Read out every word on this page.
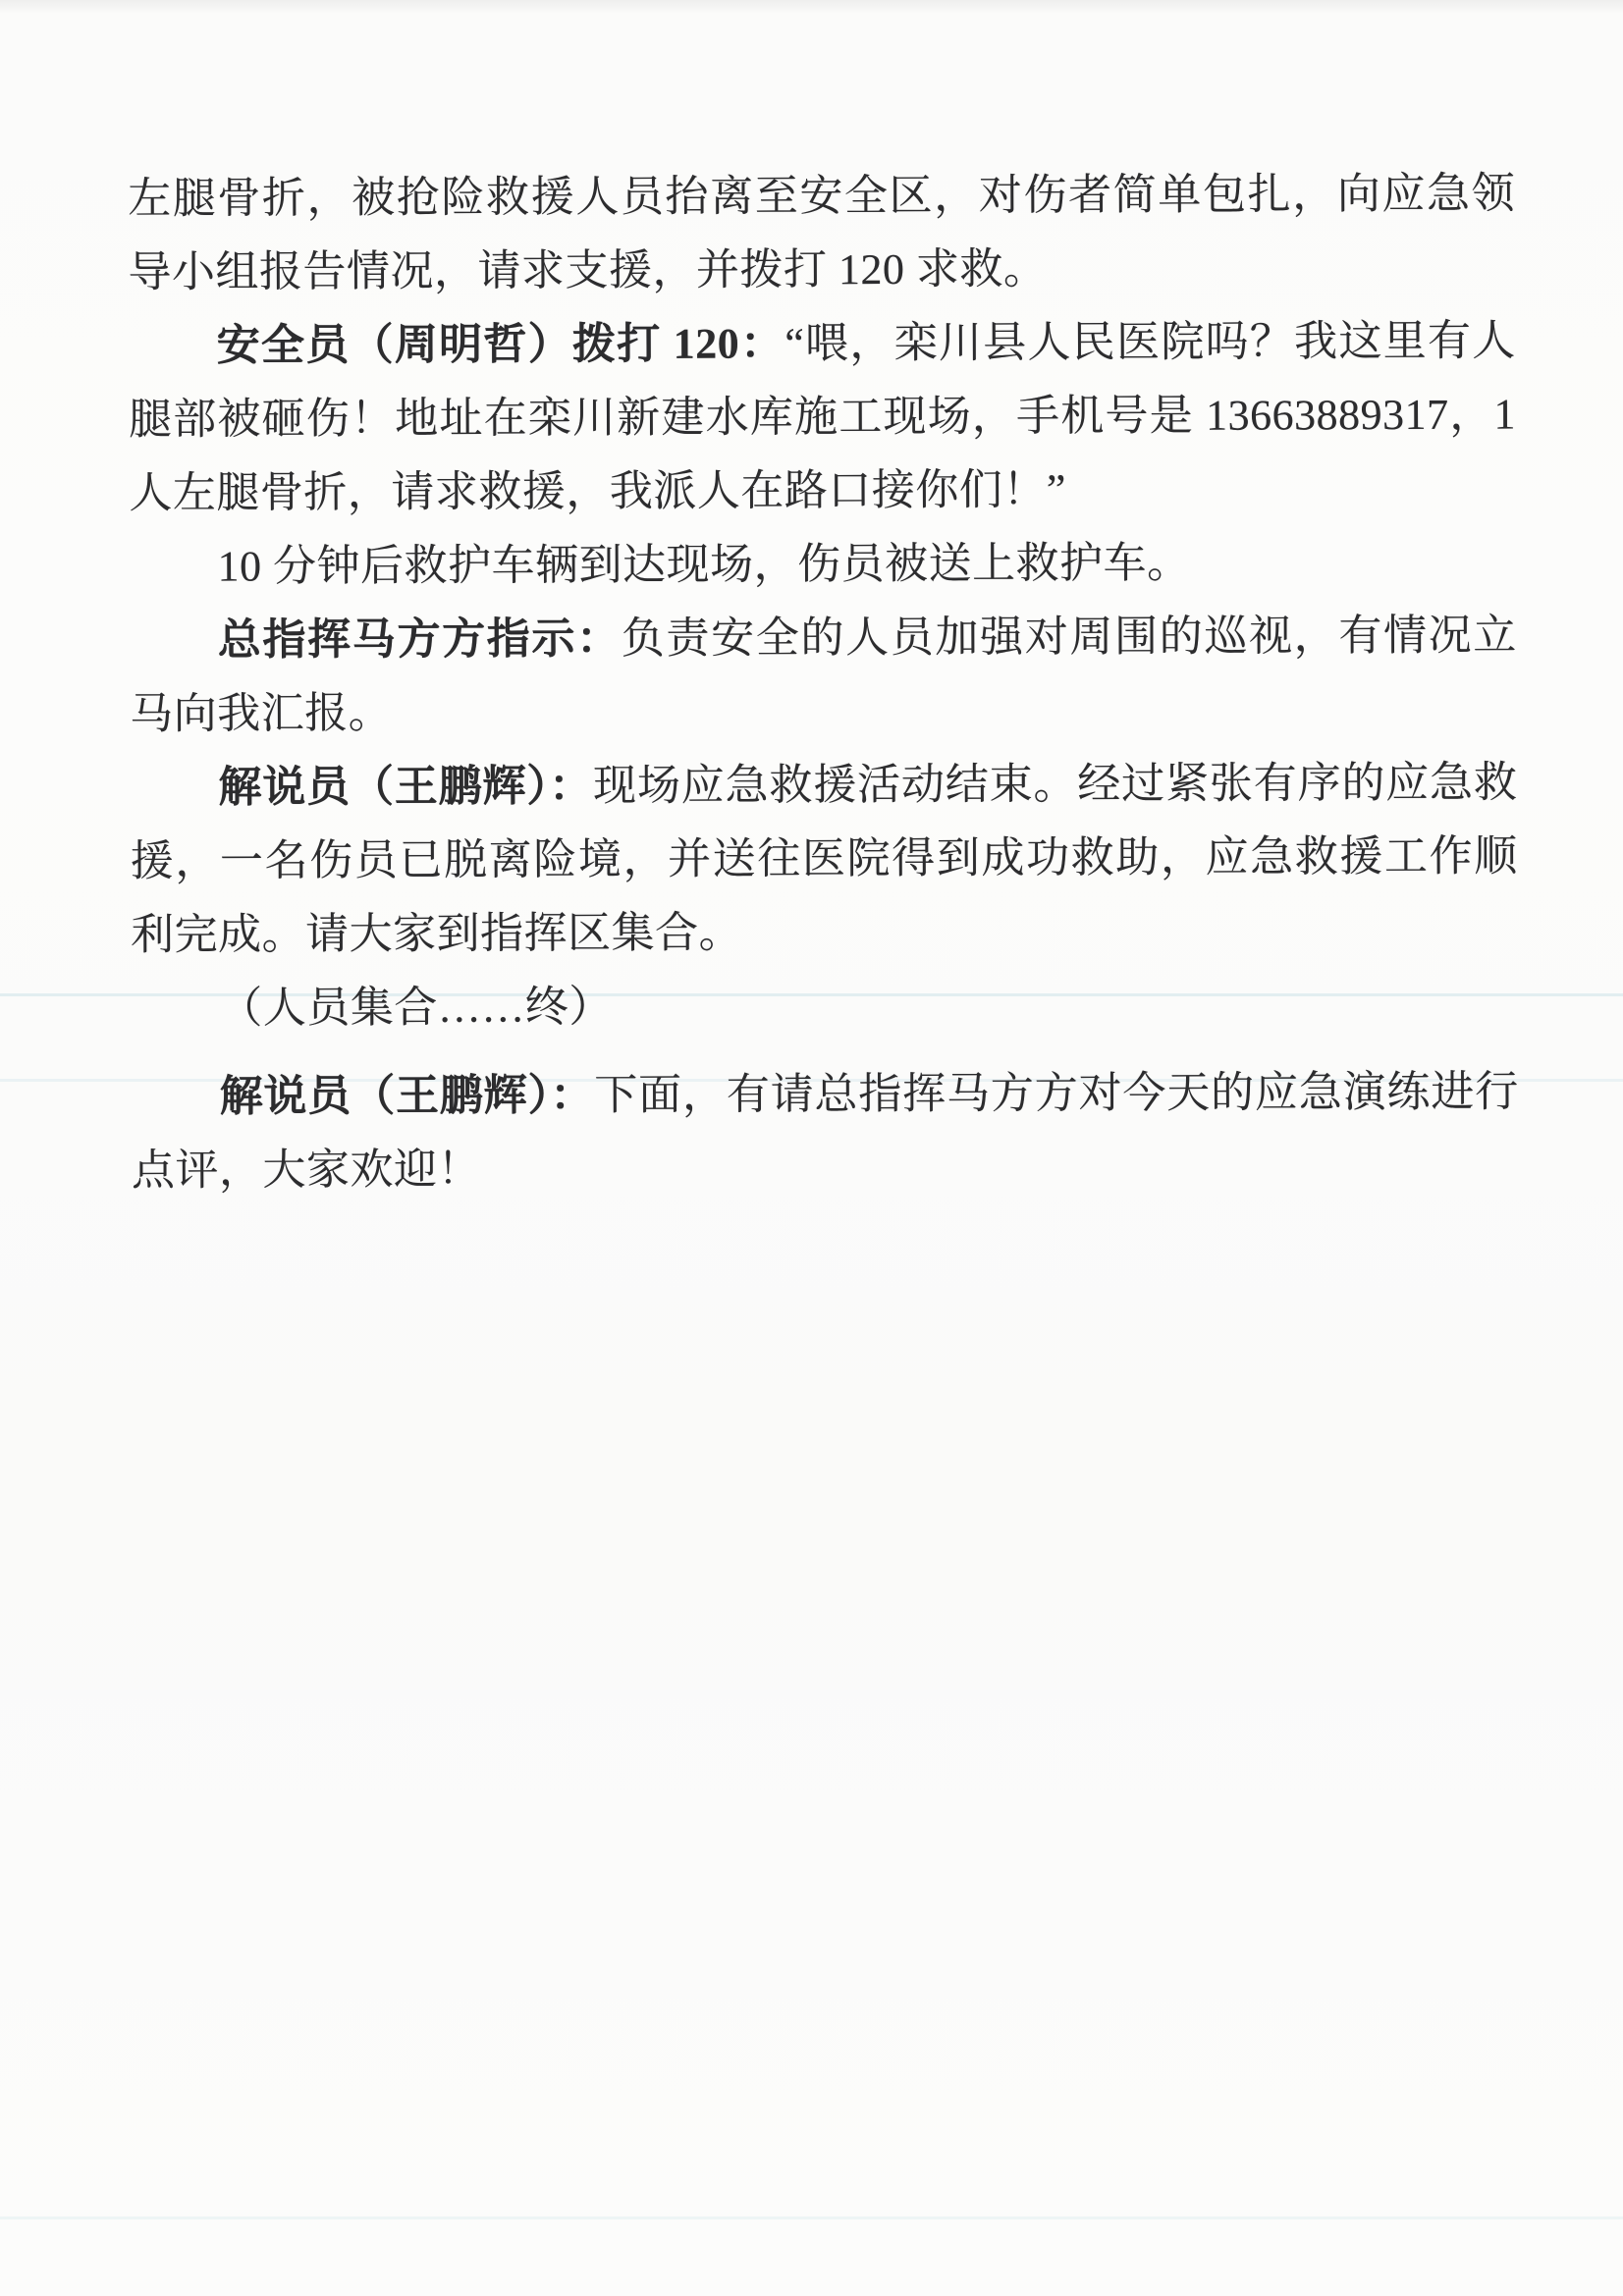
左腿骨折，被抢险救援人员抬离至安全区，对伤者简单包扎，向应急领导小组报告情况，请求支援，并拨打 120 求救。

安全员（周明哲）拨打 120：“喂，栾川县人民医院吗？我这里有人腿部被砸伤！地址在栾川新建水库施工现场，手机号是 13663889317，1 人左腿骨折，请求救援，我派人在路口接你们！”

10 分钟后救护车辆到达现场，伤员被送上救护车。

总指挥马方方指示：负责安全的人员加强对周围的巡视，有情况立马向我汇报。

解说员（王鹏辉）：现场应急救援活动结束。经过紧张有序的应急救援，一名伤员已脱离险境，并送往医院得到成功救助，应急救援工作顺利完成。请大家到指挥区集合。

（人员集合……终）

解说员（王鹏辉）：下面，有请总指挥马方方对今天的应急演练进行点评，大家欢迎！
